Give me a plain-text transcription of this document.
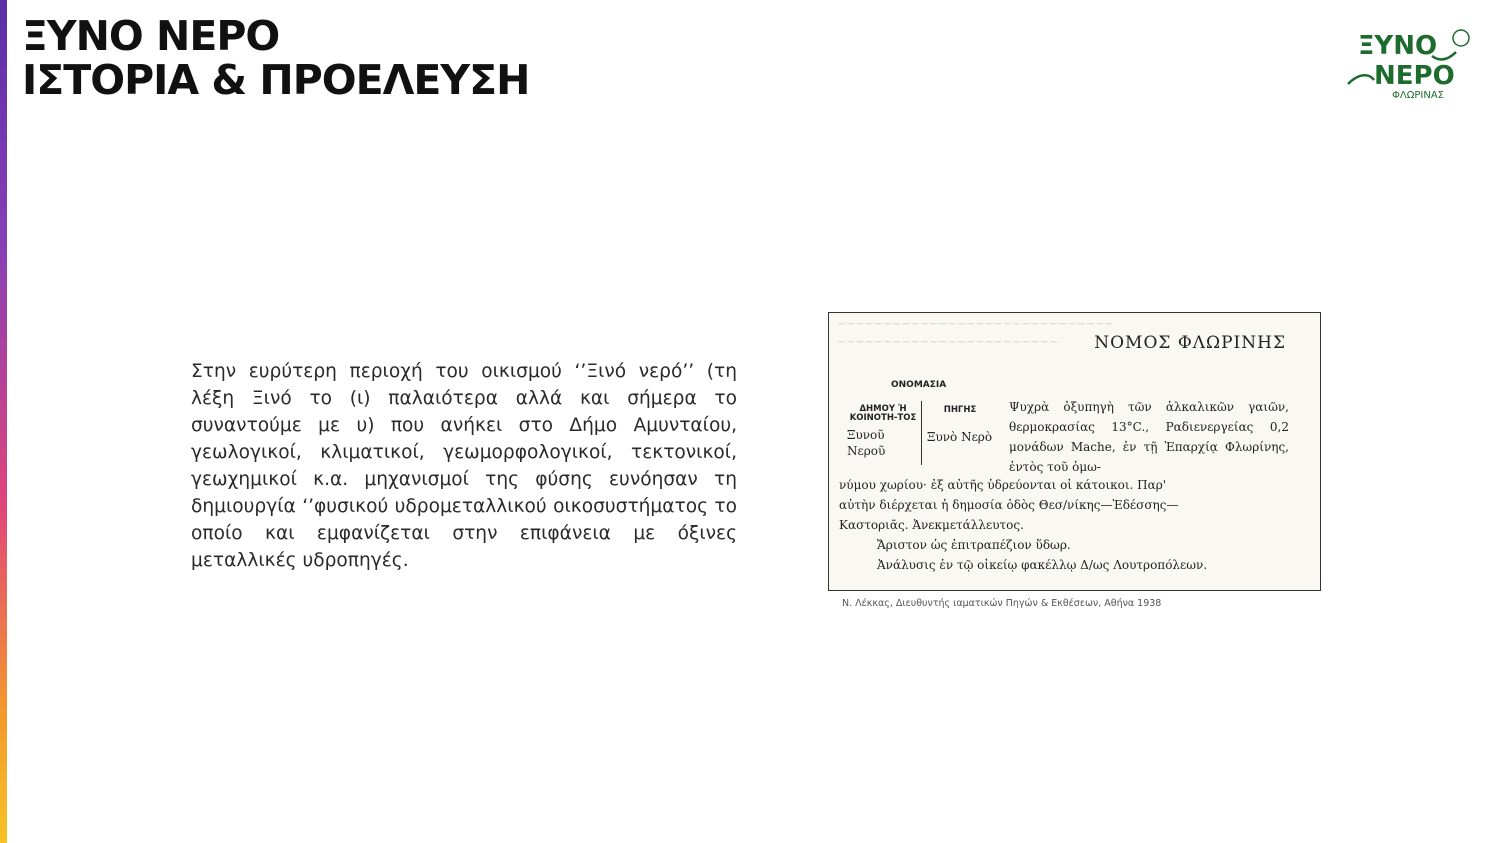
ΞΥΝΟ ΝΕΡΟ
ΙΣΤΟΡΙΑ & ΠΡΟΕΛΕΥΣΗ
ΞΥΝΟ
ΝΕΡΟ
ΦΛΩΡΙΝΑΣ
Στην ευρύτερη περιοχή του οικισμού ‘’Ξινό νερό’’ (τη λέξη Ξινό το (ι) παλαιότερα αλλά και σήμερα το συναντούμε με υ) που ανήκει στο Δήμο Αμυνταίου, γεωλογικοί, κλιματικοί, γεωμορφολογικοί, τεκτονικοί, γεωχημικοί κ.α. μηχανισμοί της φύσης ευνόησαν τη δημιουργία ‘’φυσικού υδρομεταλλικού οικοσυστήματος το οποίο και εμφανίζεται στην επιφάνεια με όξινες μεταλλικές υδροπηγές.
~~~~~~~~~~~~~~~~~~~~~~~~~~~~~~
~~~~~~~~~~~~~~~~~~~~~~~~	ΝΟΜΟΣ ΦΛΩΡΙΝΗΣ
ΟΝΟΜΑΣΙΑ
ΔΗΜΟΥ Ή ΚΟΙΝΟΤΗ-ΤΟΣ
Ξυνοῦ Νεροῦ
ΠΗΓΗΣ
Ξυνὸ Νερὸ
Ψυχρὰ ὀξυπηγὴ τῶν ἀλκαλικῶν γαιῶν, θερμοκρασίας 13°C., Ραδιενεργείας 0,2 μονάδων Mache, ἐν τῇ Ἐπαρχίᾳ Φλωρίνης, ἐντὸς τοῦ ὁμω-
νύμου χωρίου· ἐξ αὐτῆς ὑδρεύονται οἱ κάτοικοι. Παρ'
αὐτὴν διέρχεται ἡ δημοσία ὁδὸς Θεσ/νίκης—Ἐδέσσης—
Καστοριᾶς. Ἀνεκμετάλλευτος.
Ἄριστον ὡς ἐπιτραπέζιον ὕδωρ.
Ἀνάλυσις ἐν τῷ οἰκείῳ φακέλλῳ Δ/ως Λουτροπόλεων.
Ν. Λέκκας, Διευθυντής ιαματικών Πηγών & Εκθέσεων, Αθήνα 1938
